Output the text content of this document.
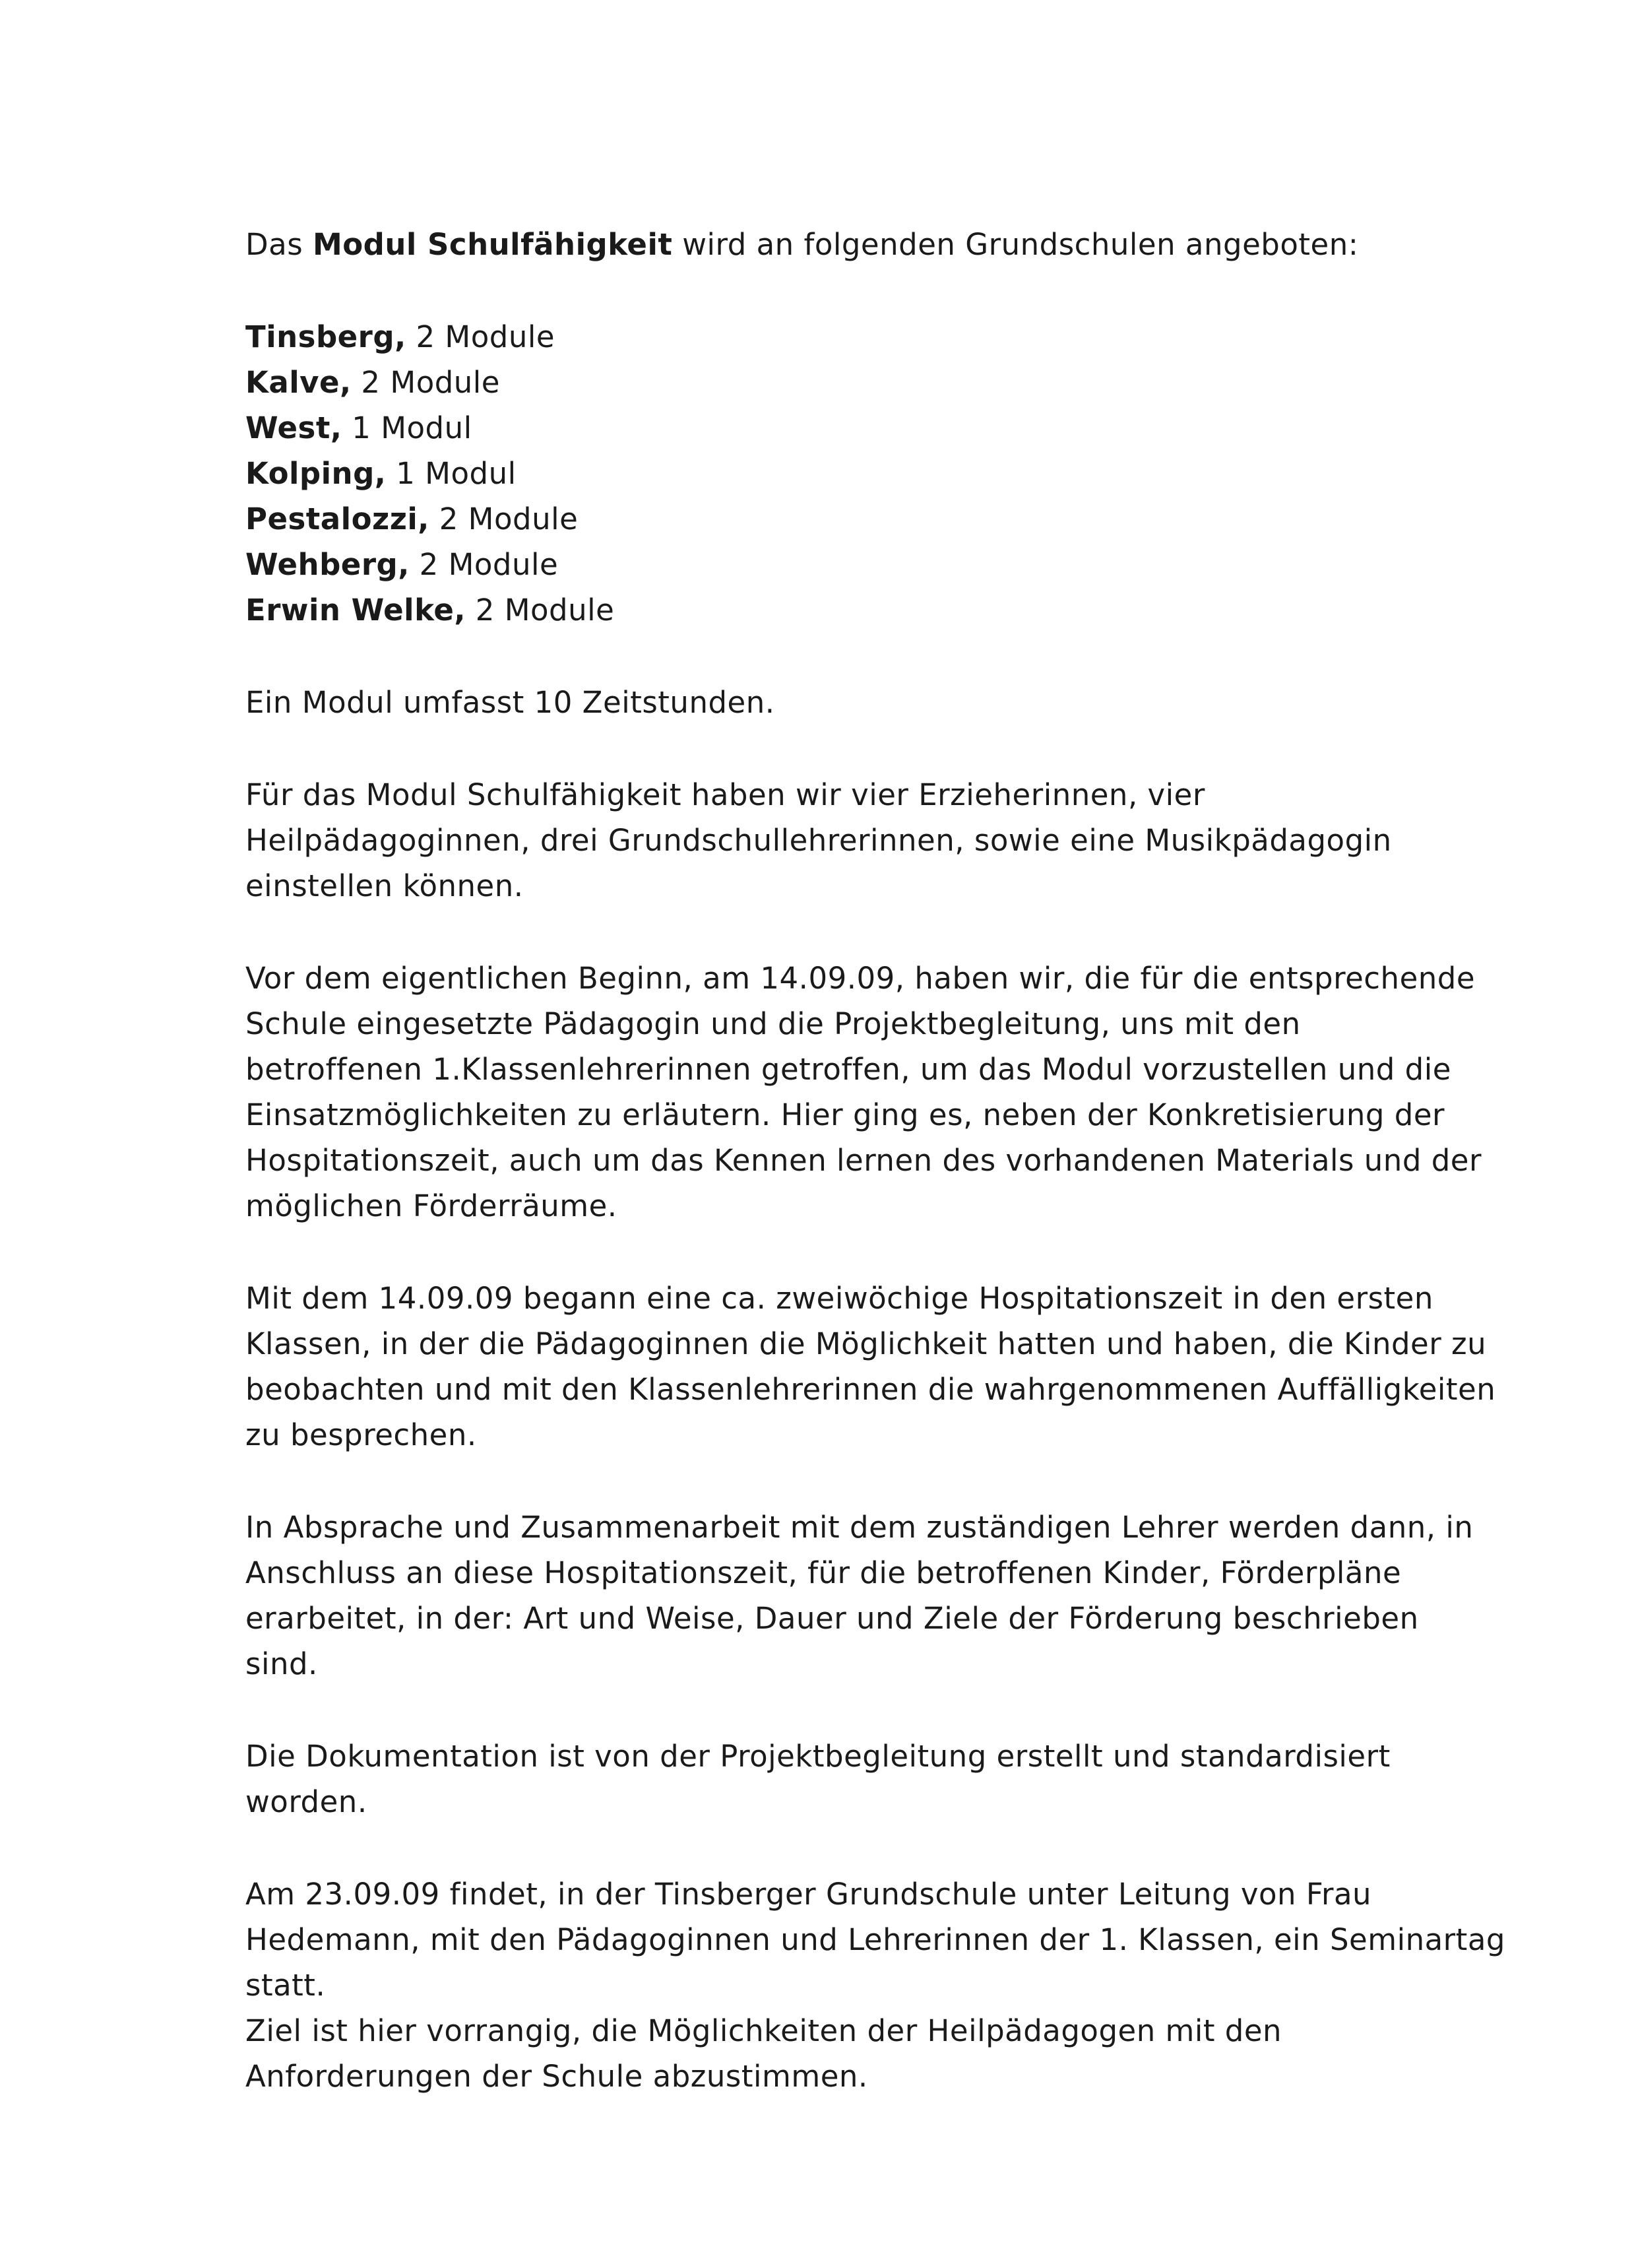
Das Modul Schulfähigkeit wird an folgenden Grundschulen angeboten:

Tinsberg, 2 Module
Kalve, 2 Module
West, 1 Modul
Kolping, 1 Modul
Pestalozzi, 2 Module
Wehberg, 2 Module
Erwin Welke, 2 Module

Ein Modul umfasst 10 Zeitstunden.

Für das Modul Schulfähigkeit haben wir vier Erzieherinnen, vier
Heilpädagoginnen, drei Grundschullehrerinnen, sowie eine Musikpädagogin
einstellen können.

Vor dem eigentlichen Beginn, am 14.09.09, haben wir, die für die entsprechende
Schule eingesetzte Pädagogin und die Projektbegleitung, uns mit den
betroffenen 1.Klassenlehrerinnen getroffen, um das Modul vorzustellen und die
Einsatzmöglichkeiten zu erläutern. Hier ging es, neben der Konkretisierung der
Hospitationszeit, auch um das Kennen lernen des vorhandenen Materials und der
möglichen Förderräume.

Mit dem 14.09.09 begann eine ca. zweiwöchige Hospitationszeit in den ersten
Klassen, in der die Pädagoginnen die Möglichkeit hatten und haben, die Kinder zu
beobachten und mit den Klassenlehrerinnen die wahrgenommenen Auffälligkeiten
zu besprechen.

In Absprache und Zusammenarbeit mit dem zuständigen Lehrer werden dann, in
Anschluss an diese Hospitationszeit, für die betroffenen Kinder, Förderpläne
erarbeitet, in der: Art und Weise, Dauer und Ziele der Förderung beschrieben
sind.

Die Dokumentation ist von der Projektbegleitung erstellt und standardisiert
worden.

Am 23.09.09 findet, in der Tinsberger Grundschule unter Leitung von Frau
Hedemann, mit den Pädagoginnen und Lehrerinnen der 1. Klassen, ein Seminartag
statt.
Ziel ist hier vorrangig, die Möglichkeiten der Heilpädagogen mit den
Anforderungen der Schule abzustimmen.
